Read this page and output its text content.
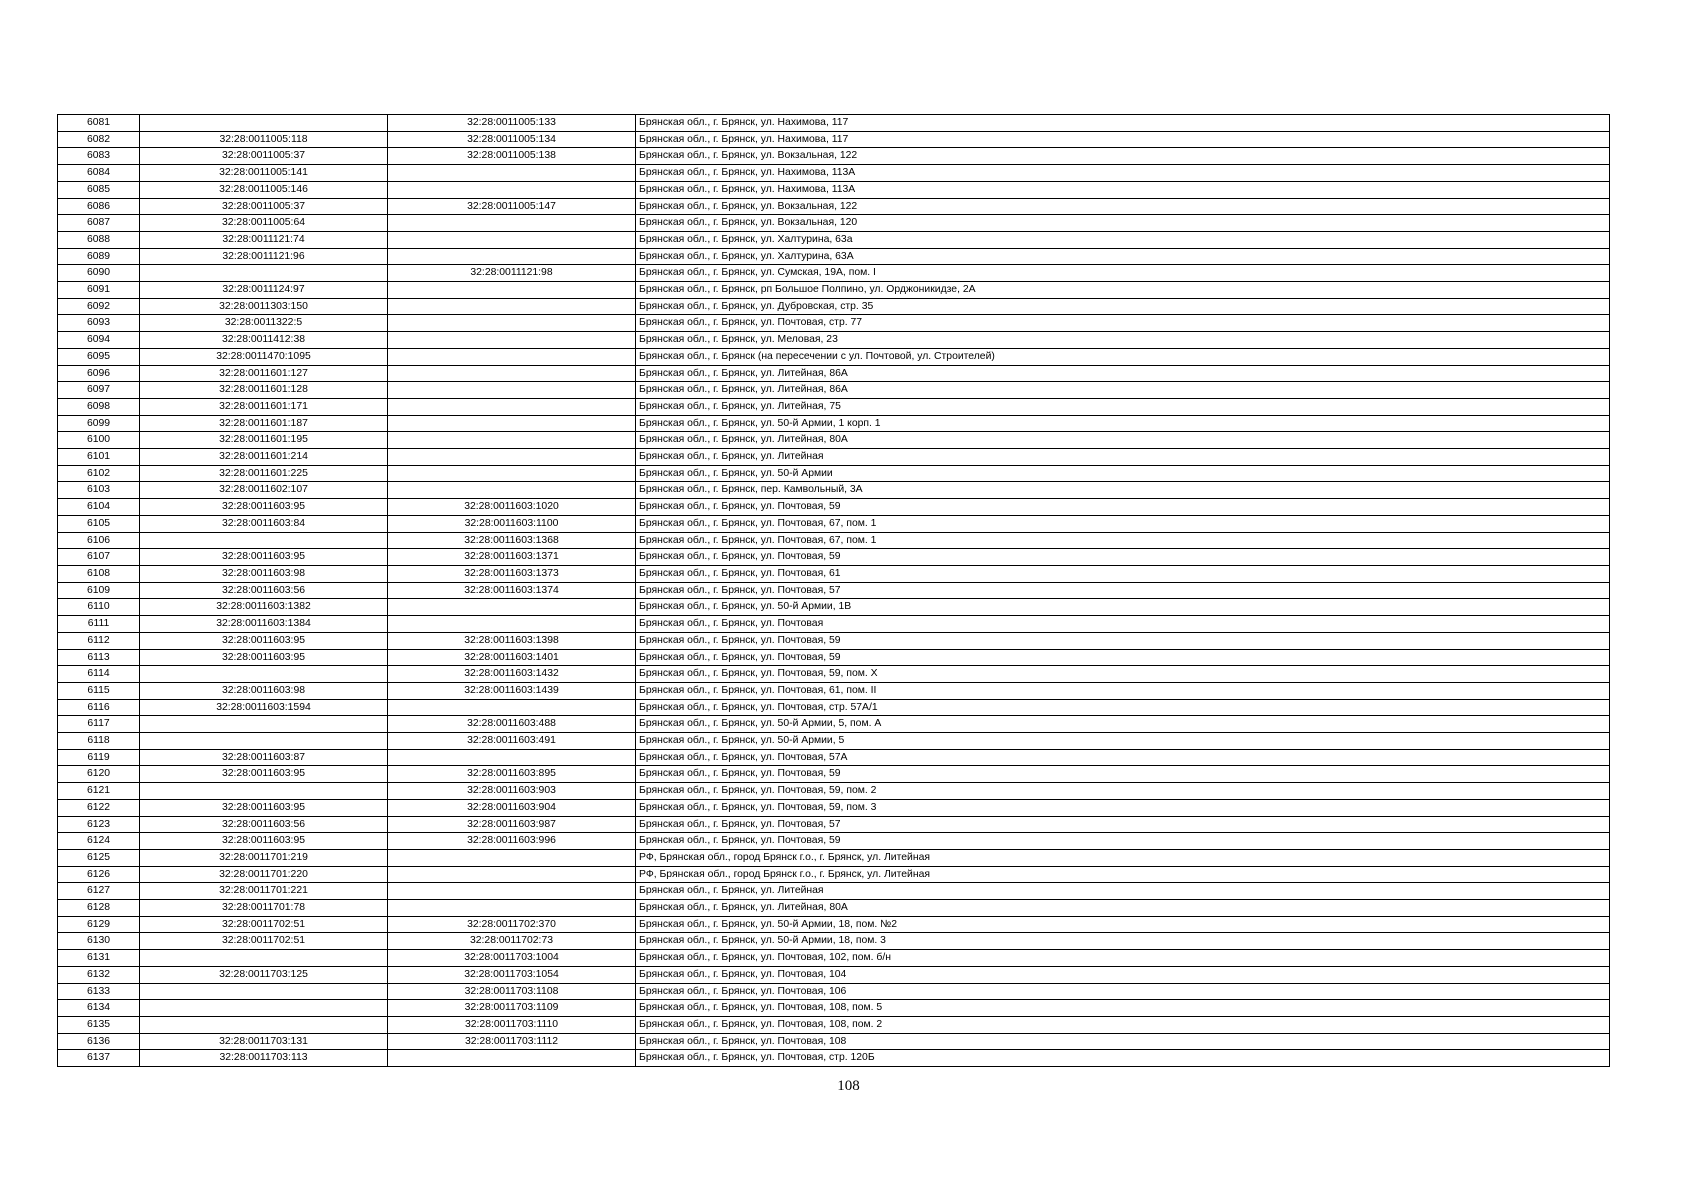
6081		32:28:0011005:133	Брянская обл., г. Брянск, ул. Нахимова, 117
6082	32:28:0011005:118	32:28:0011005:134	Брянская обл., г. Брянск, ул. Нахимова, 117
6083	32:28:0011005:37	32:28:0011005:138	Брянская обл., г. Брянск, ул. Вокзальная, 122
6084	32:28:0011005:141		Брянская обл., г. Брянск, ул. Нахимова, 113А
6085	32:28:0011005:146		Брянская обл., г. Брянск, ул. Нахимова, 113А
6086	32:28:0011005:37	32:28:0011005:147	Брянская обл., г. Брянск, ул. Вокзальная, 122
6087	32:28:0011005:64		Брянская обл., г. Брянск, ул. Вокзальная, 120
6088	32:28:0011121:74		Брянская обл., г. Брянск, ул. Халтурина, 63а
6089	32:28:0011121:96		Брянская обл., г. Брянск, ул. Халтурина, 63А
6090		32:28:0011121:98	Брянская обл., г. Брянск, ул. Сумская, 19А, пом. I
6091	32:28:0011124:97		Брянская обл., г. Брянск, рп Большое Полпино, ул. Орджоникидзе, 2А
6092	32:28:0011303:150		Брянская обл., г. Брянск, ул. Дубровская, стр. 35
6093	32:28:0011322:5		Брянская обл., г. Брянск, ул. Почтовая, стр. 77
6094	32:28:0011412:38		Брянская обл., г. Брянск, ул. Меловая, 23
6095	32:28:0011470:1095		Брянская обл., г. Брянск (на пересечении с ул. Почтовой, ул. Строителей)
6096	32:28:0011601:127		Брянская обл., г. Брянск, ул. Литейная, 86А
6097	32:28:0011601:128		Брянская обл., г. Брянск, ул. Литейная, 86А
6098	32:28:0011601:171		Брянская обл., г. Брянск, ул. Литейная, 75
6099	32:28:0011601:187		Брянская обл., г. Брянск, ул. 50-й Армии, 1 корп. 1
6100	32:28:0011601:195		Брянская обл., г. Брянск, ул. Литейная, 80А
6101	32:28:0011601:214		Брянская обл., г. Брянск, ул. Литейная
6102	32:28:0011601:225		Брянская обл., г. Брянск, ул. 50-й Армии
6103	32:28:0011602:107		Брянская обл., г. Брянск, пер. Камвольный, 3А
6104	32:28:0011603:95	32:28:0011603:1020	Брянская обл., г. Брянск, ул. Почтовая, 59
6105	32:28:0011603:84	32:28:0011603:1100	Брянская обл., г. Брянск, ул. Почтовая, 67, пом. 1
6106		32:28:0011603:1368	Брянская обл., г. Брянск, ул. Почтовая, 67, пом. 1
6107	32:28:0011603:95	32:28:0011603:1371	Брянская обл., г. Брянск, ул. Почтовая, 59
6108	32:28:0011603:98	32:28:0011603:1373	Брянская обл., г. Брянск, ул. Почтовая, 61
6109	32:28:0011603:56	32:28:0011603:1374	Брянская обл., г. Брянск, ул. Почтовая, 57
6110	32:28:0011603:1382		Брянская обл., г. Брянск, ул. 50-й Армии, 1В
6111	32:28:0011603:1384		Брянская обл., г. Брянск, ул. Почтовая
6112	32:28:0011603:95	32:28:0011603:1398	Брянская обл., г. Брянск, ул. Почтовая, 59
6113	32:28:0011603:95	32:28:0011603:1401	Брянская обл., г. Брянск, ул. Почтовая, 59
6114		32:28:0011603:1432	Брянская обл., г. Брянск, ул. Почтовая, 59, пом. Х
6115	32:28:0011603:98	32:28:0011603:1439	Брянская обл., г. Брянск, ул. Почтовая, 61, пом. II
6116	32:28:0011603:1594		Брянская обл., г. Брянск, ул. Почтовая, стр. 57А/1
6117		32:28:0011603:488	Брянская обл., г. Брянск, ул. 50-й Армии, 5, пом. А
6118		32:28:0011603:491	Брянская обл., г. Брянск, ул. 50-й Армии, 5
6119	32:28:0011603:87		Брянская обл., г. Брянск, ул. Почтовая, 57А
6120	32:28:0011603:95	32:28:0011603:895	Брянская обл., г. Брянск, ул. Почтовая, 59
6121		32:28:0011603:903	Брянская обл., г. Брянск, ул. Почтовая, 59, пом. 2
6122	32:28:0011603:95	32:28:0011603:904	Брянская обл., г. Брянск, ул. Почтовая, 59, пом. 3
6123	32:28:0011603:56	32:28:0011603:987	Брянская обл., г. Брянск, ул. Почтовая, 57
6124	32:28:0011603:95	32:28:0011603:996	Брянская обл., г. Брянск, ул. Почтовая, 59
6125	32:28:0011701:219		РФ, Брянская обл., город Брянск г.о., г. Брянск, ул. Литейная
6126	32:28:0011701:220		РФ, Брянская обл., город Брянск г.о., г. Брянск, ул. Литейная
6127	32:28:0011701:221		Брянская обл., г. Брянск, ул. Литейная
6128	32:28:0011701:78		Брянская обл., г. Брянск, ул. Литейная, 80А
6129	32:28:0011702:51	32:28:0011702:370	Брянская обл., г. Брянск, ул. 50-й Армии, 18, пом. №2
6130	32:28:0011702:51	32:28:0011702:73	Брянская обл., г. Брянск, ул. 50-й Армии, 18, пом. 3
6131		32:28:0011703:1004	Брянская обл., г. Брянск, ул. Почтовая, 102, пом. б/н
6132	32:28:0011703:125	32:28:0011703:1054	Брянская обл., г. Брянск, ул. Почтовая, 104
6133		32:28:0011703:1108	Брянская обл., г. Брянск, ул. Почтовая, 106
6134		32:28:0011703:1109	Брянская обл., г. Брянск, ул. Почтовая, 108, пом. 5
6135		32:28:0011703:1110	Брянская обл., г. Брянск, ул. Почтовая, 108, пом. 2
6136	32:28:0011703:131	32:28:0011703:1112	Брянская обл., г. Брянск, ул. Почтовая, 108
6137	32:28:0011703:113		Брянская обл., г. Брянск, ул. Почтовая, стр. 120Б
108
